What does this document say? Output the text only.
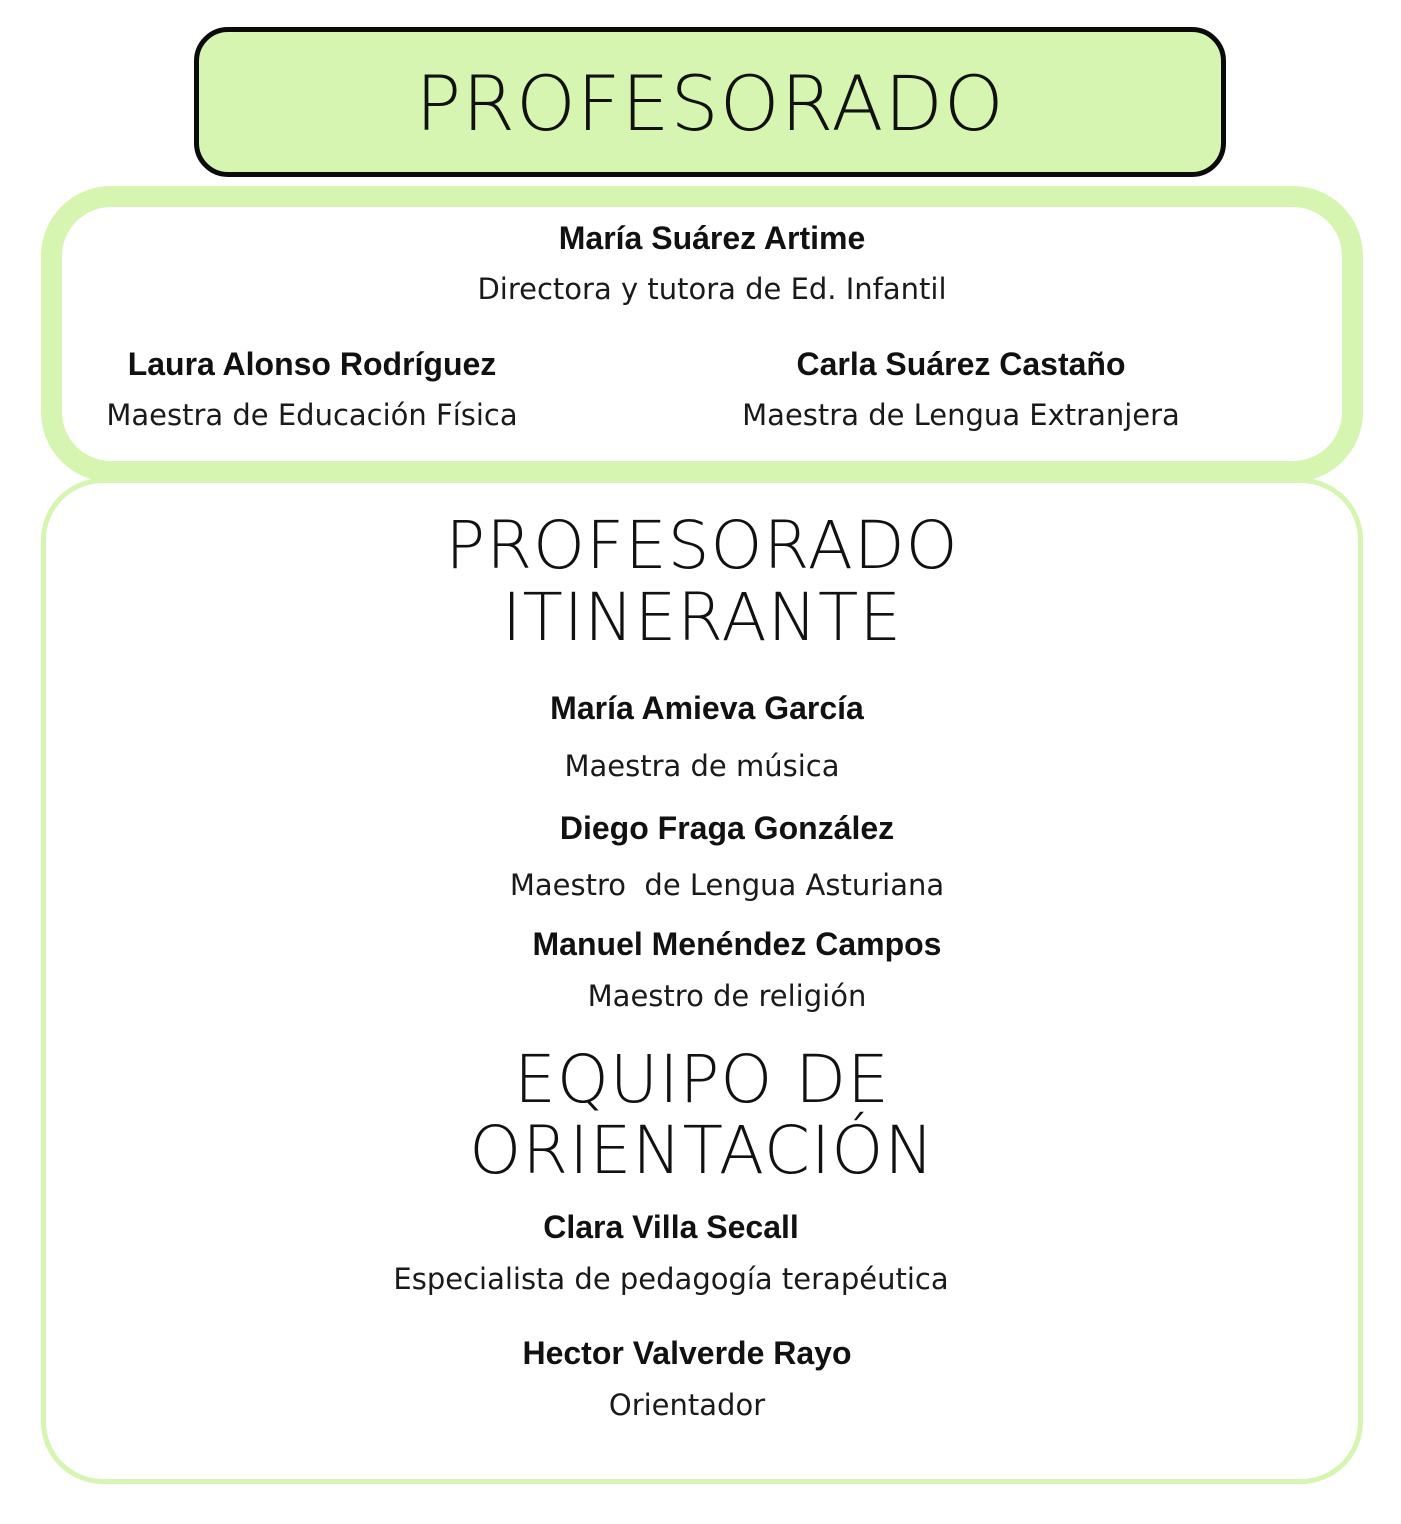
PROFESORADO
María Suárez Artime
Directora y tutora de Ed. Infantil
Laura Alonso Rodríguez
Maestra de Educación Física
Carla Suárez Castaño
Maestra de Lengua Extranjera
PROFESORADO
ITINERANTE
María Amieva García
Maestra de música
Diego Fraga González
Maestro  de Lengua Asturiana
Manuel Menéndez Campos
Maestro de religión
EQUIPO DE
ORIENTACIÓN
Clara Villa Secall
Especialista de pedagogía terapéutica
Hector Valverde Rayo
Orientador
